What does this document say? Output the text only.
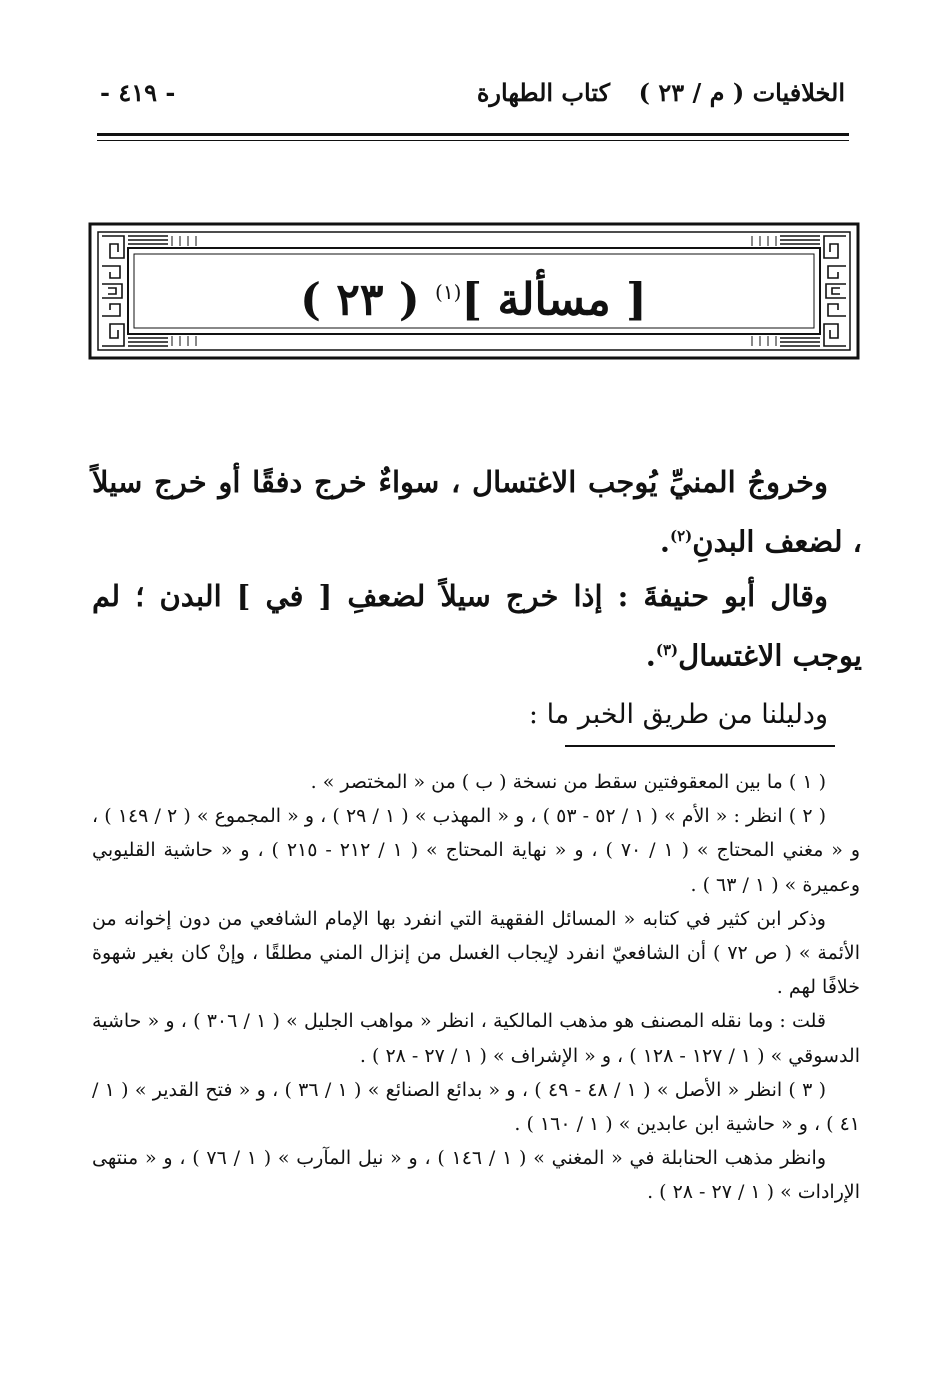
الخلافيات ( م / ٢٣ )
كتاب الطهارة
- ٤١٩ -
[ مسألة ]$^{(١)}$ ( ٢٣ )

وخروجُ المنيِّ يُوجب الاغتسال ، سواءٌ خرج دفقًا أو خرج سيلاً ، لضعف البدنِ$^{(٢)}$.

وقال أبو حنيفةَ : إذا خرج سيلاً لضعفِ [ في ] البدن ؛ لم يوجب الاغتسال$^{(٣)}$.

ودليلنا من طريق الخبر ما :

( ١ ) ما بين المعقوفتين سقط من نسخة ( ب ) من « المختصر » .

( ٢ ) انظر : « الأم » ( ١ / ٥٢ - ٥٣ ) ، و « المهذب » ( ١ / ٢٩ ) ، و « المجموع » ( ٢ / ١٤٩ ) ، و « مغني المحتاج » ( ١ / ٧٠ ) ، و « نهاية المحتاج » ( ١ / ٢١٢ - ٢١٥ ) ، و « حاشية القليوبي وعميرة » ( ١ / ٦٣ ) .

وذكر ابن كثير في كتابه « المسائل الفقهية التي انفرد بها الإمام الشافعي من دون إخوانه من الأئمة » ( ص ٧٢ ) أن الشافعيّ انفرد لإيجاب الغسل من إنزال المني مطلقًا ، وإنْ كان بغير شهوة خلافًا لهم .

قلت : وما نقله المصنف هو مذهب المالكية ، انظر « مواهب الجليل » ( ١ / ٣٠٦ ) ، و « حاشية الدسوقي » ( ١ / ١٢٧ - ١٢٨ ) ، و « الإشراف » ( ١ / ٢٧ - ٢٨ ) .

( ٣ ) انظر « الأصل » ( ١ / ٤٨ - ٤٩ ) ، و « بدائع الصنائع » ( ١ / ٣٦ ) ، و « فتح القدير » ( ١ / ٤١ ) ، و « حاشية ابن عابدين » ( ١ / ١٦٠ ) .

وانظر مذهب الحنابلة في « المغني » ( ١ / ١٤٦ ) ، و « نيل المآرب » ( ١ / ٧٦ ) ، و « منتهى الإرادات » ( ١ / ٢٧ - ٢٨ ) .
